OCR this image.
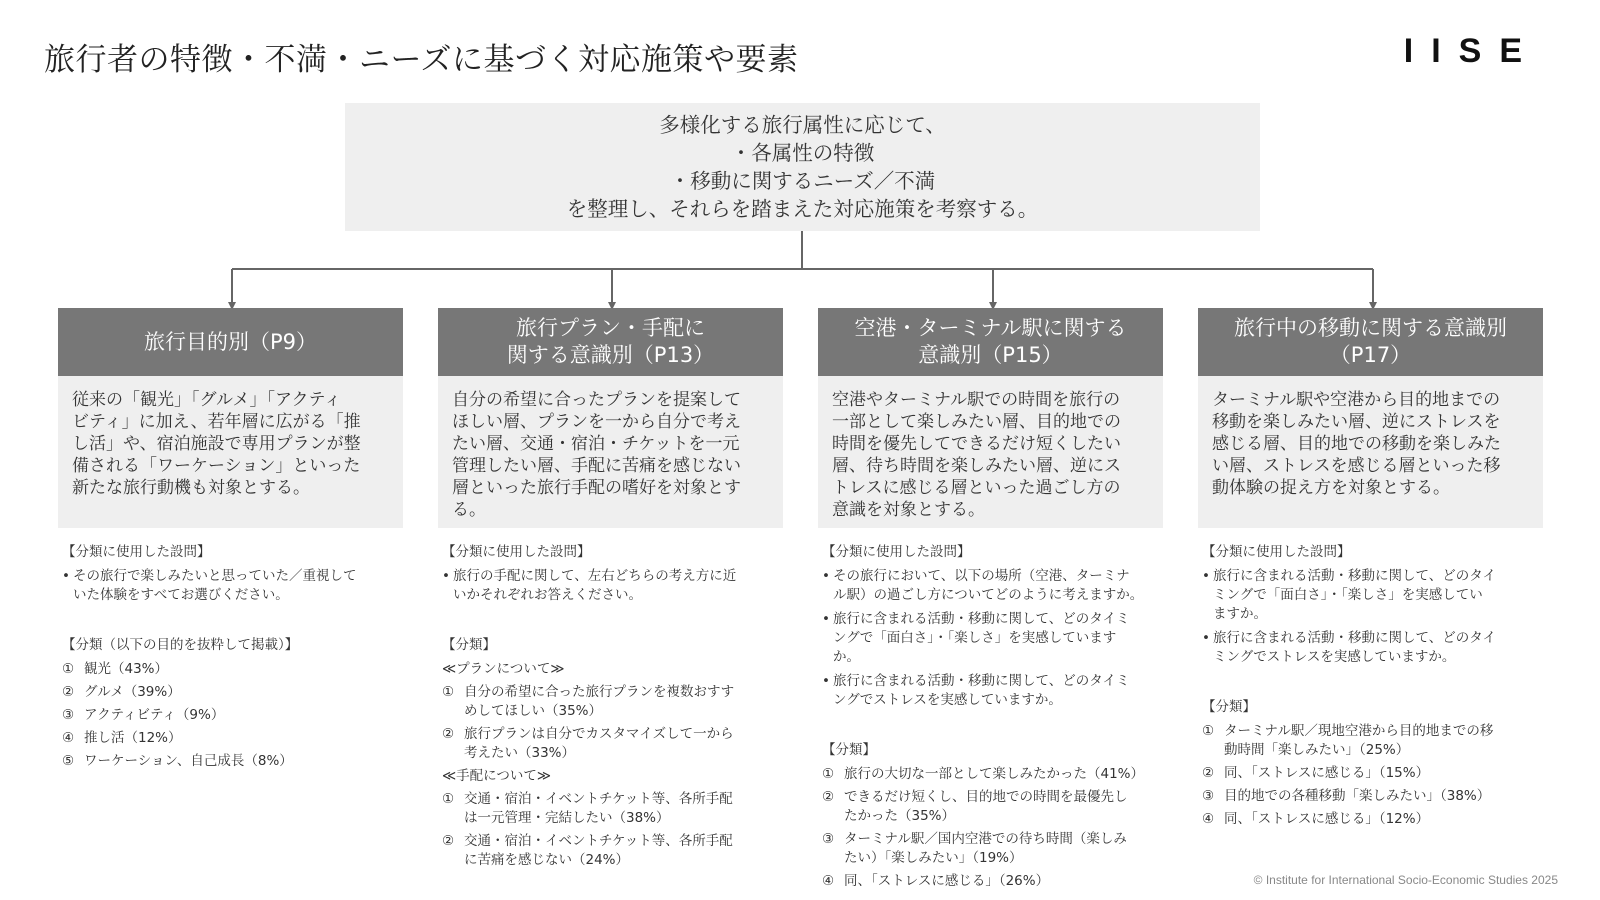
旅行者の特徴・不満・ニーズに基づく対応施策や要素	IISE
多様化する旅行属性に応じて、
・各属性の特徴
・移動に関するニーズ／不満
を整理し、それらを踏まえた対応施策を考察する。
旅行目的別（P9）
従来の「観光」「グルメ」「アクティ
ビティ」に加え、若年層に広がる「推
し活」や、宿泊施設で専用プランが整
備される「ワーケーション」といった
新たな旅行動機も対象とする。
【分類に使用した設問】
• その旅行で楽しみたいと思っていた／重視して
いた体験をすべてお選びください。
【分類（以下の目的を抜粋して掲載）】
① 観光（43%）
② グルメ（39%）
③ アクティビティ（9%）
④ 推し活（12%）
⑤ ワーケーション、自己成長（8%）
旅行プラン・手配に
関する意識別（P13）
自分の希望に合ったプランを提案して
ほしい層、プランを一から自分で考え
たい層、交通・宿泊・チケットを一元
管理したい層、手配に苦痛を感じない
層といった旅行手配の嗜好を対象とす
る。
【分類に使用した設問】
• 旅行の手配に関して、左右どちらの考え方に近
いかそれぞれお答えください。
【分類】
≪プランについて≫
① 自分の希望に合った旅行プランを複数おすす
めしてほしい（35%）
② 旅行プランは自分でカスタマイズして一から
考えたい（33%）
≪手配について≫
① 交通・宿泊・イベントチケット等、各所手配
は一元管理・完結したい（38%）
② 交通・宿泊・イベントチケット等、各所手配
に苦痛を感じない（24%）
空港・ターミナル駅に関する
意識別（P15）
空港やターミナル駅での時間を旅行の
一部として楽しみたい層、目的地での
時間を優先してできるだけ短くしたい
層、待ち時間を楽しみたい層、逆にス
トレスに感じる層といった過ごし方の
意識を対象とする。
【分類に使用した設問】
• その旅行において、以下の場所（空港、ターミナ
ル駅）の過ごし方についてどのように考えますか。
• 旅行に含まれる活動・移動に関して、どのタイミ
ングで「面白さ」・「楽しさ」を実感しています
か。
• 旅行に含まれる活動・移動に関して、どのタイミ
ングでストレスを実感していますか。
【分類】
① 旅行の大切な一部として楽しみたかった（41%）
② できるだけ短くし、目的地での時間を最優先し
たかった（35%）
③ ターミナル駅／国内空港での待ち時間（楽しみ
たい）「楽しみたい」（19%）
④ 同、「ストレスに感じる」（26%）
旅行中の移動に関する意識別
（P17）
ターミナル駅や空港から目的地までの
移動を楽しみたい層、逆にストレスを
感じる層、目的地での移動を楽しみた
い層、ストレスを感じる層といった移
動体験の捉え方を対象とする。
【分類に使用した設問】
• 旅行に含まれる活動・移動に関して、どのタイ
ミングで「面白さ」・「楽しさ」を実感してい
ますか。
• 旅行に含まれる活動・移動に関して、どのタイ
ミングでストレスを実感していますか。
【分類】
① ターミナル駅／現地空港から目的地までの移
動時間「楽しみたい」（25%）
② 同、「ストレスに感じる」（15%）
③ 目的地での各種移動「楽しみたい」（38%）
④ 同、「ストレスに感じる」（12%）
© Institute for International Socio-Economic Studies 2025
